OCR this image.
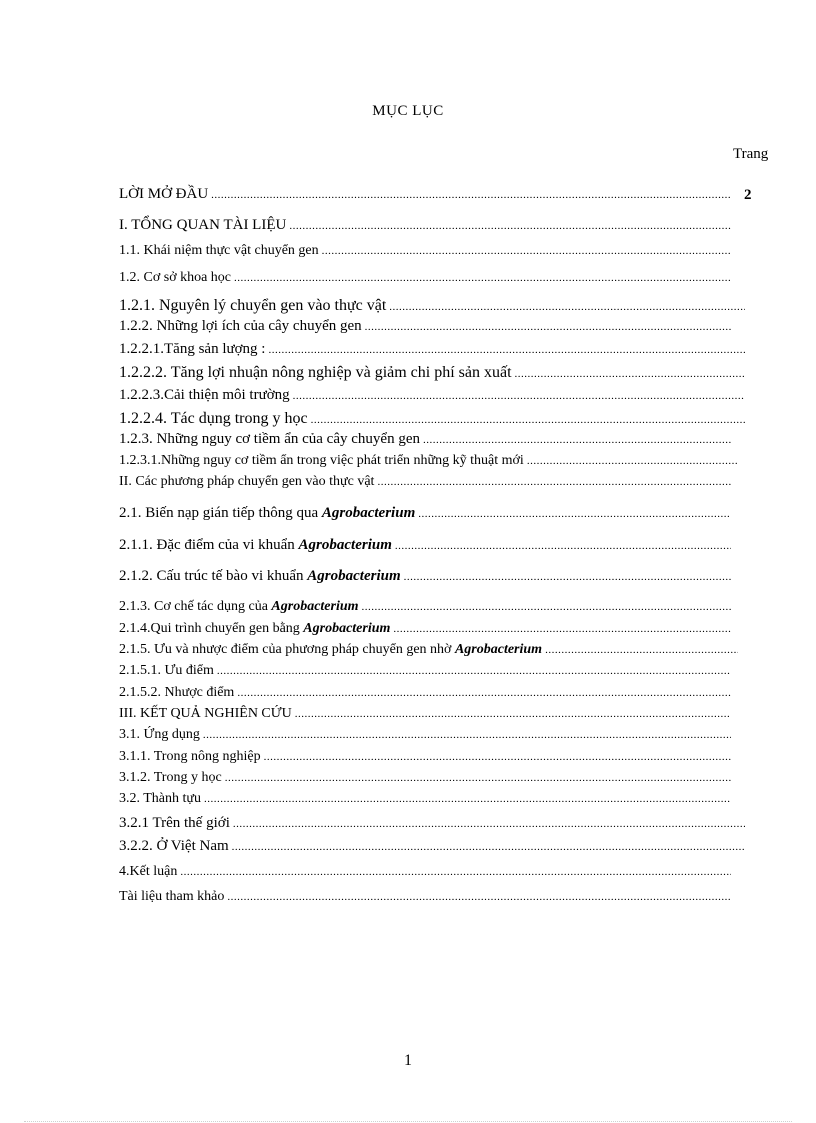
MỤC LỤC
Trang
LỜI MỞ ĐẦU
.....	2
I. TỔNG QUAN TÀI LIỆU
.....
1.1. Khái niệm thực vật chuyển gen
.....
1.2. Cơ sở khoa học
.....
1.2.1. Nguyên lý chuyển gen vào thực vật
.....
1.2.2. Những lợi ích của cây chuyển gen
.....
1.2.2.1.Tăng sản lượng :
.....
1.2.2.2. Tăng lợi nhuận nông nghiệp và giảm chi phí sản xuất
.....
1.2.2.3.Cải thiện môi trường
.....
1.2.2.4. Tác dụng trong y học
.....
1.2.3. Những nguy cơ tiềm ẩn của cây chuyển gen
.....
1.2.3.1.Những nguy cơ tiềm ẩn trong việc phát triển những kỹ thuật mới
.....
II. Các phương pháp chuyển gen vào thực vật
.....
2.1. Biến nạp gián tiếp thông qua Agrobacterium
.....
2.1.1. Đặc điểm của vi khuẩn Agrobacterium
.....
2.1.2. Cấu trúc tế bào vi khuẩn Agrobacterium
.....
2.1.3. Cơ chế tác dụng của Agrobacterium
.....
2.1.4.Qui trình chuyển gen bằng Agrobacterium
.....
2.1.5. Ưu và nhược điểm của phương pháp chuyển gen nhờ Agrobacterium
.....
2.1.5.1. Ưu điểm
.....
2.1.5.2. Nhược điểm
.....
III. KẾT QUẢ NGHIÊN CỨU
.....
3.1. Ứng dụng
.....
3.1.1. Trong nông nghiệp
.....
3.1.2. Trong y học
.....
3.2. Thành tựu
.....
3.2.1 Trên thế giới
.....
3.2.2. Ở Việt Nam
.....
4.Kết luận
.....
Tài liệu tham khảo
.....
1
